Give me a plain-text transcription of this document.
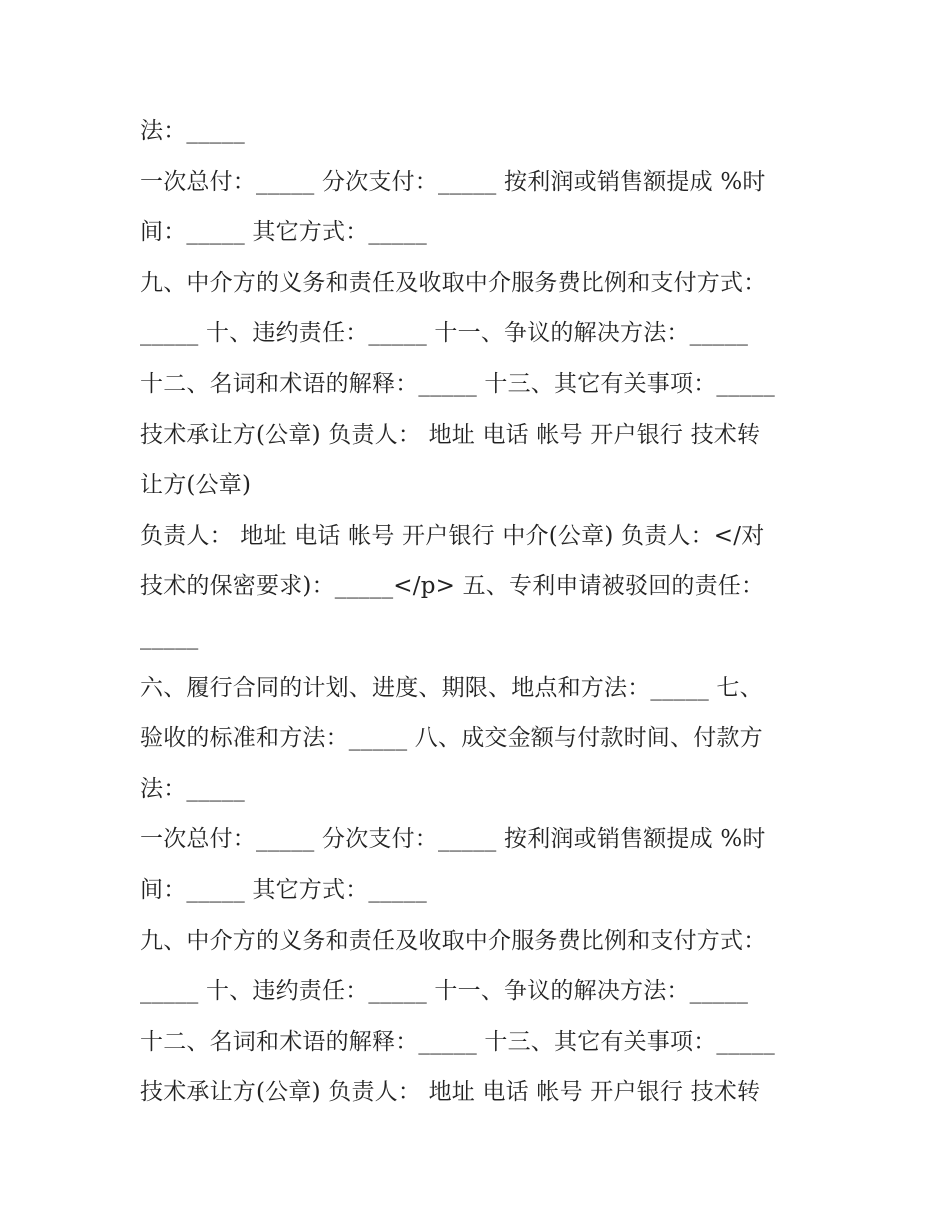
法：_____
一次总付：_____ 分次支付：_____ 按利润或销售额提成 %时
间：_____ 其它方式：_____
九、中介方的义务和责任及收取中介服务费比例和支付方式：
_____ 十、违约责任：_____ 十一、争议的解决方法：_____
十二、名词和术语的解释：_____ 十三、其它有关事项：_____
技术承让方(公章) 负责人： 地址 电话 帐号 开户银行 技术转
让方(公章)
负责人： 地址 电话 帐号 开户银行 中介(公章) 负责人：</对
技术的保密要求)：_____</p> 五、专利申请被驳回的责任：
_____
六、履行合同的计划、进度、期限、地点和方法：_____ 七、
验收的标准和方法：_____ 八、成交金额与付款时间、付款方
法：_____
一次总付：_____ 分次支付：_____ 按利润或销售额提成 %时
间：_____ 其它方式：_____
九、中介方的义务和责任及收取中介服务费比例和支付方式：
_____ 十、违约责任：_____ 十一、争议的解决方法：_____
十二、名词和术语的解释：_____ 十三、其它有关事项：_____
技术承让方(公章) 负责人： 地址 电话 帐号 开户银行 技术转
